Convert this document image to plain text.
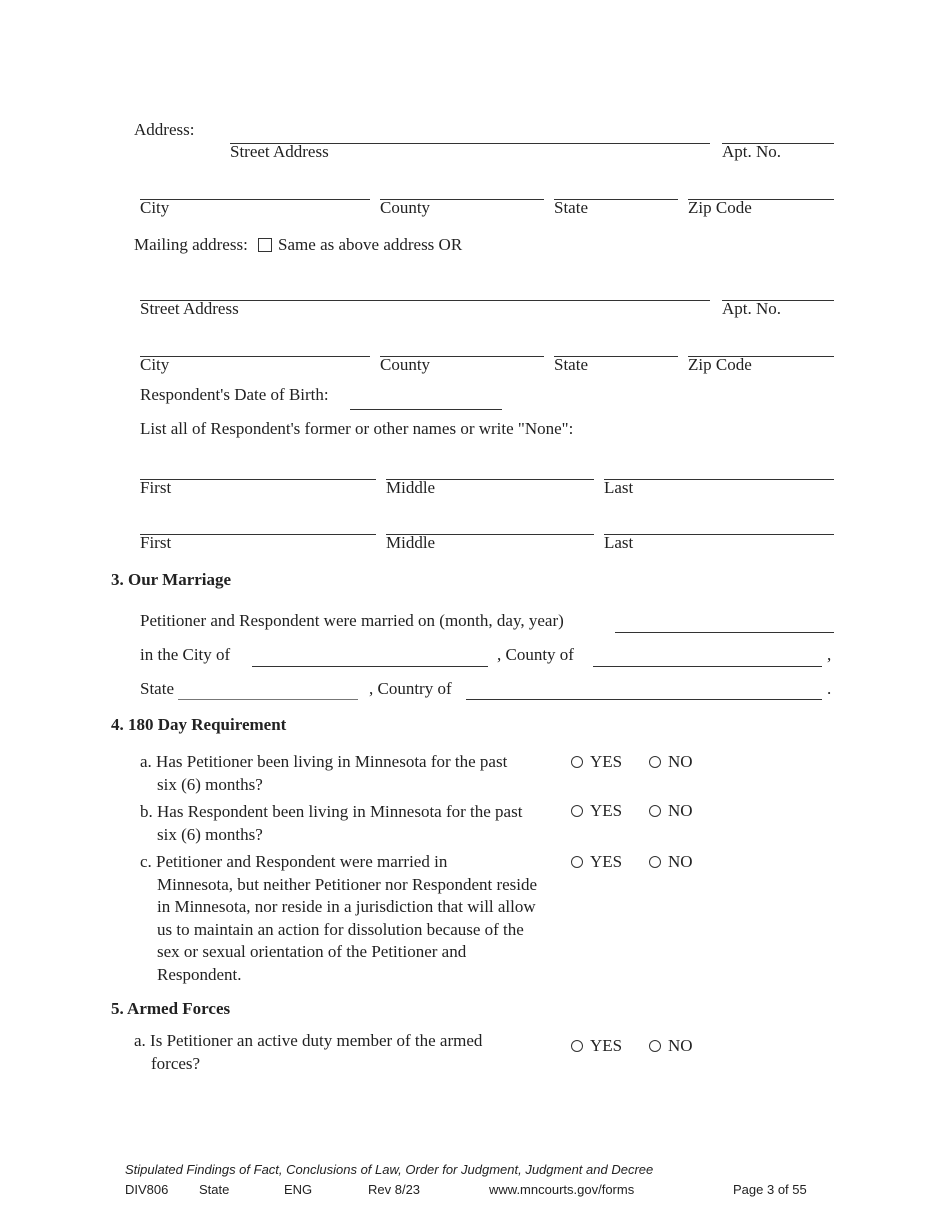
Address:
Street Address	Apt. No.
City	County	State	Zip Code
Mailing address: Same as above address OR
Street Address	Apt. No.
City	County	State	Zip Code
Respondent's Date of Birth:
List all of Respondent's former or other names or write "None":
First	Middle	Last
First	Middle	Last
3. Our Marriage
Petitioner and Respondent were married on (month, day, year)
in the City of	, County of	,
State	, Country of	.
4. 180 Day Requirement
a. Has Petitioner been living in Minnesota for the past
six (6) months?
YES	NO
b. Has Respondent been living in Minnesota for the past
six (6) months?
YES	NO
c. Petitioner and Respondent were married in
Minnesota, but neither Petitioner nor Respondent reside in Minnesota, nor reside in a jurisdiction that will allow us to maintain an action for dissolution because of the sex or sexual orientation of the Petitioner and Respondent.
YES	NO
5. Armed Forces
a. Is Petitioner an active duty member of the armed
forces?
YES	NO
Stipulated Findings of Fact, Conclusions of Law, Order for Judgment, Judgment and Decree
DIV806 State	ENG	Rev 8/23	www.mncourts.gov/forms	Page 3 of 55
